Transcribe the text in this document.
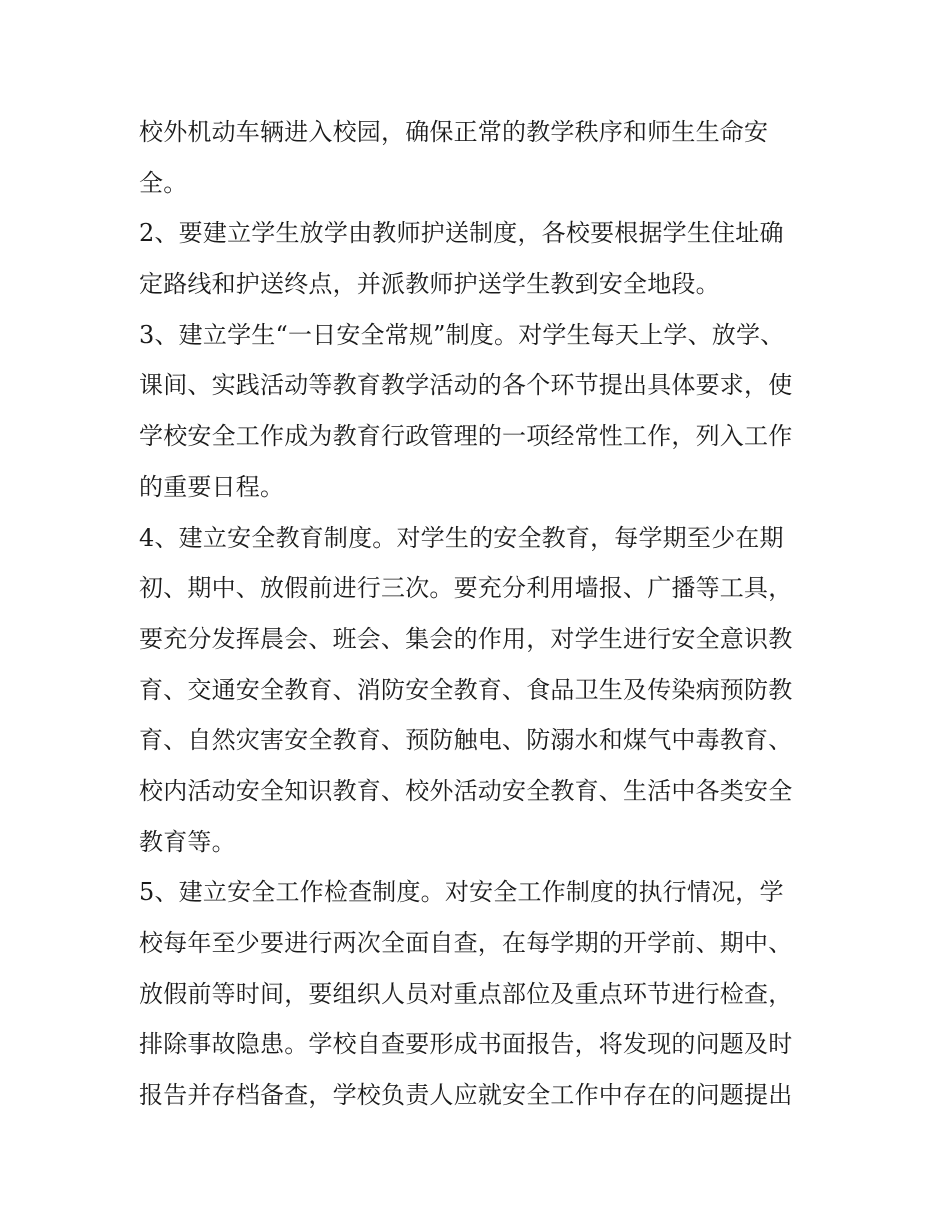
校外机动车辆进入校园，确保正常的教学秩序和师生生命安
全。
2、要建立学生放学由教师护送制度，各校要根据学生住址确
定路线和护送终点，并派教师护送学生教到安全地段。
3、建立学生“一日安全常规”制度。对学生每天上学、放学、
课间、实践活动等教育教学活动的各个环节提出具体要求，使
学校安全工作成为教育行政管理的一项经常性工作，列入工作
的重要日程。
4、建立安全教育制度。对学生的安全教育，每学期至少在期
初、期中、放假前进行三次。要充分利用墙报、广播等工具，
要充分发挥晨会、班会、集会的作用，对学生进行安全意识教
育、交通安全教育、消防安全教育、食品卫生及传染病预防教
育、自然灾害安全教育、预防触电、防溺水和煤气中毒教育、
校内活动安全知识教育、校外活动安全教育、生活中各类安全
教育等。
5、建立安全工作检查制度。对安全工作制度的执行情况，学
校每年至少要进行两次全面自查，在每学期的开学前、期中、
放假前等时间，要组织人员对重点部位及重点环节进行检查，
排除事故隐患。学校自查要形成书面报告，将发现的问题及时
报告并存档备查，学校负责人应就安全工作中存在的问题提出
